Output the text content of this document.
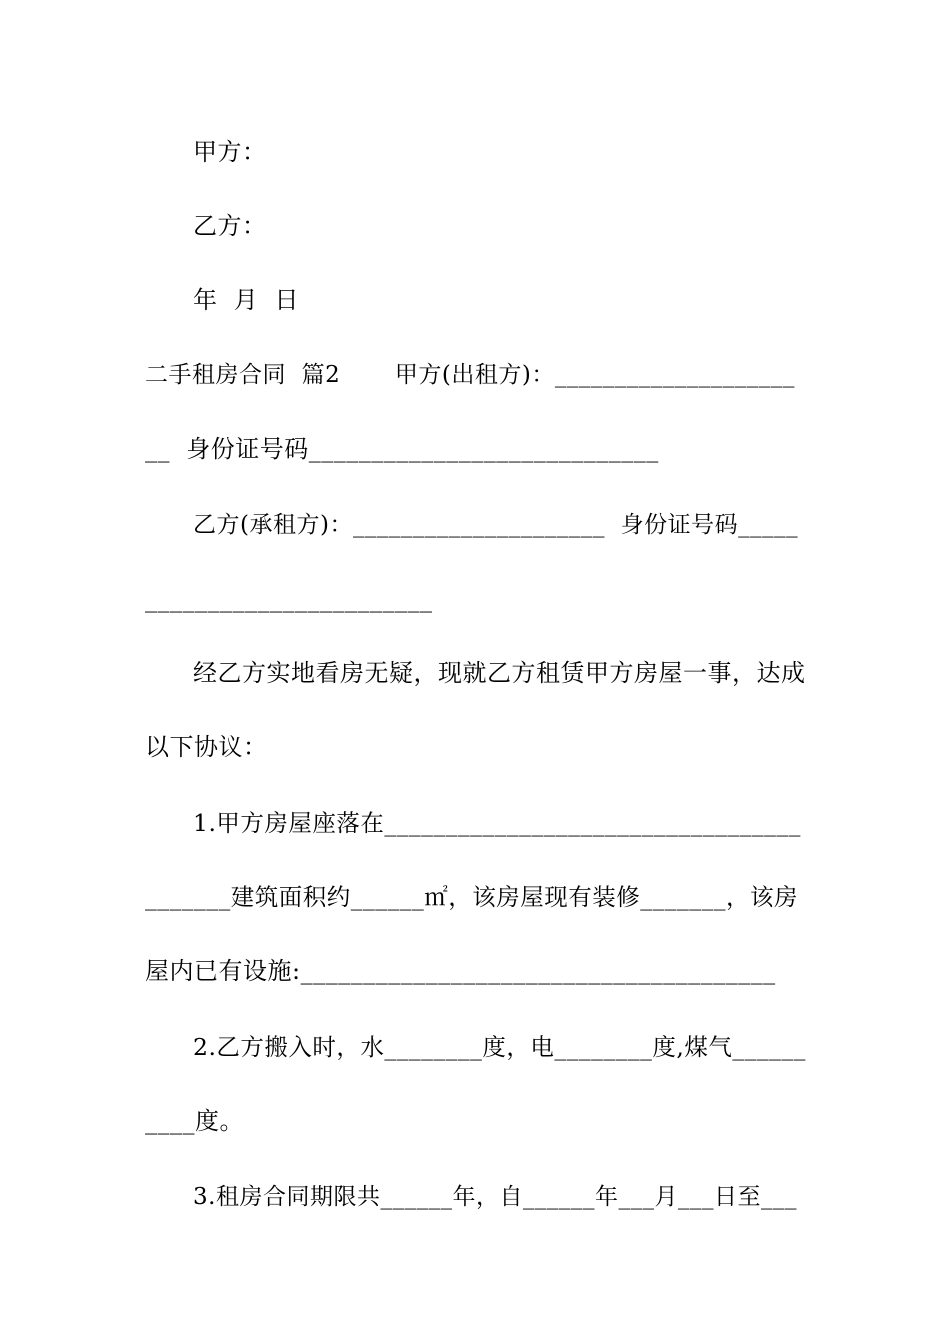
甲方：
乙方：
年  月  日
二手租房合同  篇2       甲方(出租方)：____________________
__  身份证号码____________________________
乙方(承租方)：_____________________  身份证号码_____
_______________________
经乙方实地看房无疑，现就乙方租赁甲方房屋一事，达成
以下协议：
1.甲方房屋座落在__________________________________
_______建筑面积约______㎡，该房屋现有装修_______，该房
屋内已有设施:______________________________________
2.乙方搬入时，水________度，电________度,煤气______
____度。
3.租房合同期限共______年，自______年___月___日至___
